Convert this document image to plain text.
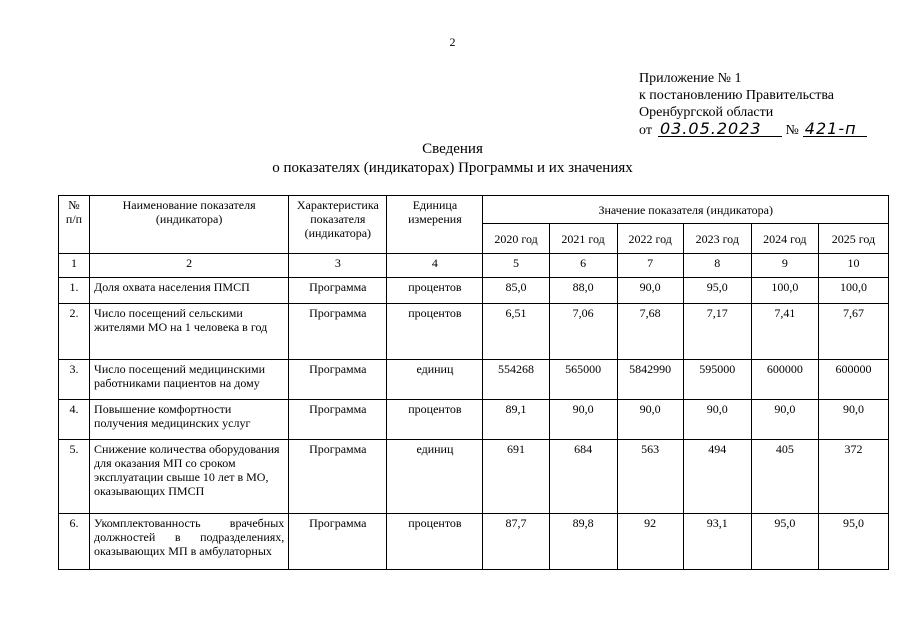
2
Приложение № 1
к постановлению Правительства
Оренбургской области
от 03.05.2023 № 421-п
Сведения
о показателях (индикаторах) Программы и их значениях
№ п/п	Наименование показателя (индикатора)	Характеристика показателя (индикатора)	Единица измерения	Значение показателя (индикатора)					
				2020 год	2021 год	2022 год	2023 год	2024 год	2025 год
1	2	3	4	5	6	7	8	9	10
1.	Доля охвата населения ПМСП	Программа	процентов	85,0	88,0	90,0	95,0	100,0	100,0
2.	Число посещений сельскими жителями МО на 1 человека в год	Программа	процентов	6,51	7,06	7,68	7,17	7,41	7,67
3.	Число посещений медицинскими работниками пациентов на дому	Программа	единиц	554268	565000	5842990	595000	600000	600000
4.	Повышение комфортности получения медицинских услуг	Программа	процентов	89,1	90,0	90,0	90,0	90,0	90,0
5.	Снижение количества оборудования для оказания МП со сроком эксплуатации свыше 10 лет в МО, оказывающих ПМСП	Программа	единиц	691	684	563	494	405	372
6.	Укомплектованность врачебных должностей в подразделениях, оказывающих МП в амбулаторных	Программа	процентов	87,7	89,8	92	93,1	95,0	95,0
